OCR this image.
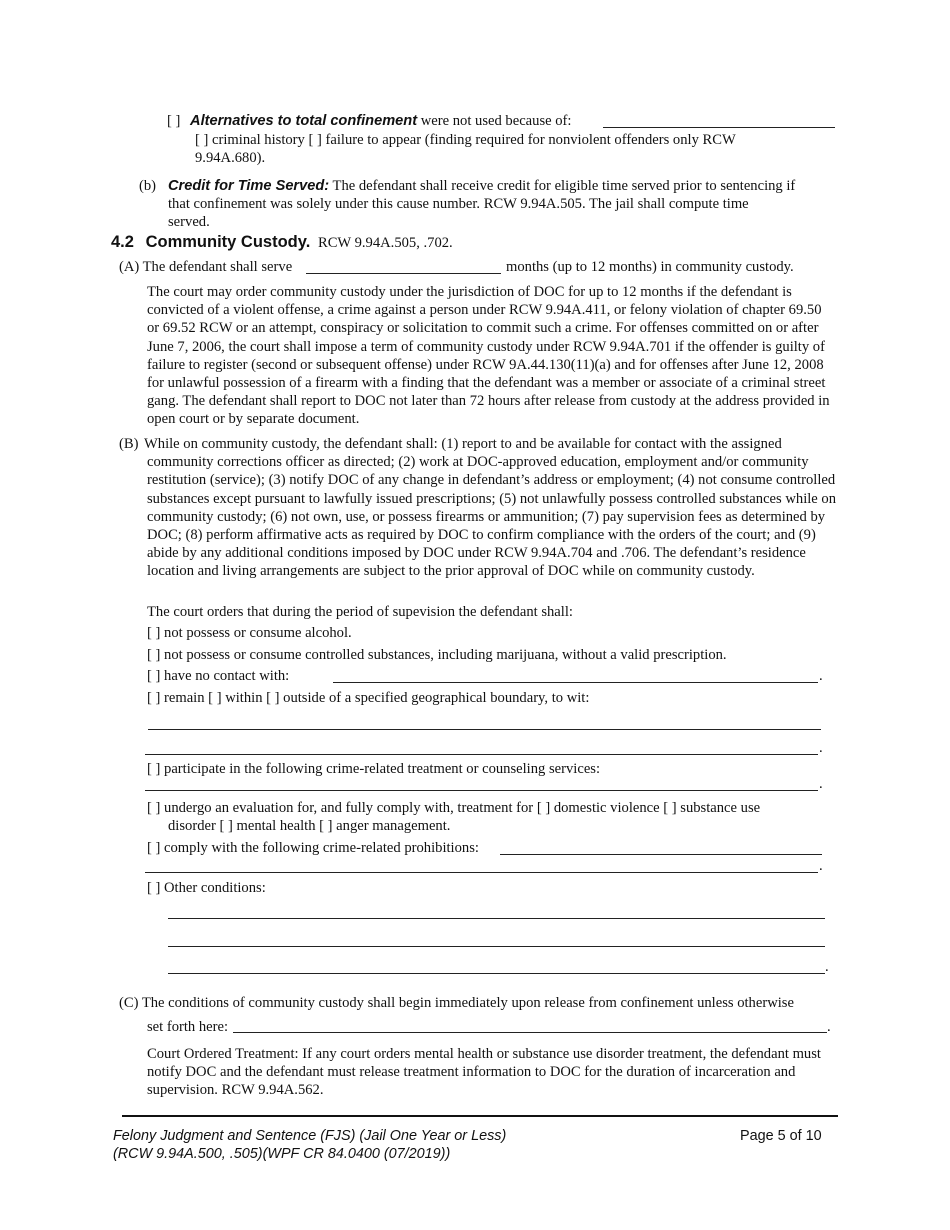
[ ] Alternatives to total confinement were not used because of:
[ ] criminal history [ ] failure to appear (finding required for nonviolent offenders only RCW
9.94A.680).
(b) Credit for Time Served: The defendant shall receive credit for eligible time served prior to sentencing if
that confinement was solely under this cause number. RCW 9.94A.505. The jail shall compute time
served.
4.2 Community Custody. RCW 9.94A.505, .702.
(A) The defendant shall serve	months (up to 12 months) in community custody.
The court may order community custody under the jurisdiction of DOC for up to 12 months if the defendant is convicted of a violent offense, a crime against a person under RCW 9.94A.411, or felony violation of chapter 69.50 or 69.52 RCW or an attempt, conspiracy or solicitation to commit such a crime. For offenses committed on or after June 7, 2006, the court shall impose a term of community custody under RCW 9.94A.701 if the offender is guilty of failure to register (second or subsequent offense) under RCW 9A.44.130(11)(a) and for offenses after June 12, 2008 for unlawful possession of a firearm with a finding that the defendant was a member or associate of a criminal street gang. The defendant shall report to DOC not later than 72 hours after release from custody at the address provided in open court or by separate document.
(B) While on community custody, the defendant shall: (1) report to and be available for contact with the assigned community corrections officer as directed; (2) work at DOC-approved education, employment and/or community restitution (service); (3) notify DOC of any change in defendant’s address or employment; (4) not consume controlled substances except pursuant to lawfully issued prescriptions; (5) not unlawfully possess controlled substances while on community custody; (6) not own, use, or possess firearms or ammunition; (7) pay supervision fees as determined by DOC; (8) perform affirmative acts as required by DOC to confirm compliance with the orders of the court; and (9) abide by any additional conditions imposed by DOC under RCW 9.94A.704 and .706. The defendant’s residence location and living arrangements are subject to the prior approval of DOC while on community custody.
The court orders that during the period of supevision the defendant shall:
[ ] not possess or consume alcohol.
[ ] not possess or consume controlled substances, including marijuana, without a valid prescription.
[ ] have no contact with:	.
[ ] remain [ ] within [ ] outside of a specified geographical boundary, to wit:
.
[ ] participate in the following crime-related treatment or counseling services:
.
[ ] undergo an evaluation for, and fully comply with, treatment for [ ] domestic violence [ ] substance use
disorder [ ] mental health [ ] anger management.
[ ] comply with the following crime-related prohibitions:
.
[ ] Other conditions:
.
(C) The conditions of community custody shall begin immediately upon release from confinement unless otherwise
set forth here:	.
Court Ordered Treatment: If any court orders mental health or substance use disorder treatment, the defendant must notify DOC and the defendant must release treatment information to DOC for the duration of incarceration and supervision. RCW 9.94A.562.
Felony Judgment and Sentence (FJS) (Jail One Year or Less)
(RCW 9.94A.500, .505)(WPF CR 84.0400 (07/2019))
Page 5 of 10
